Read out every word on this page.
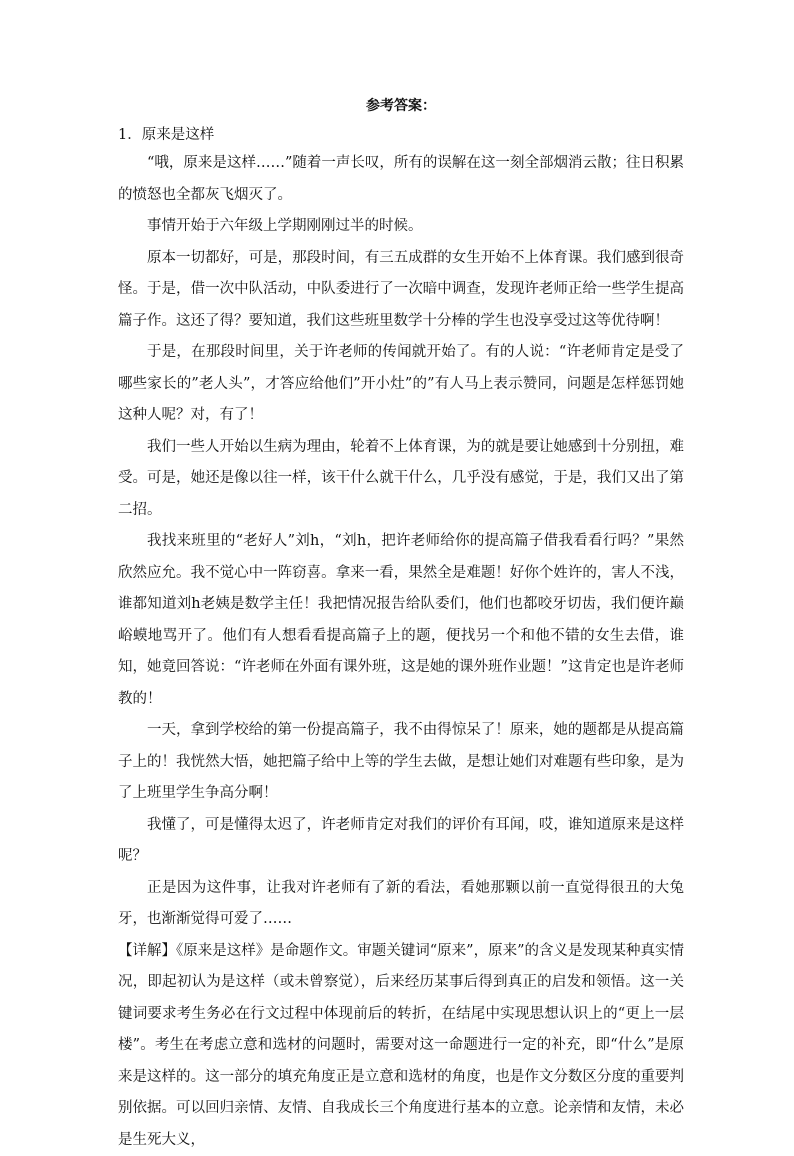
参考答案：

1．原来是这样

“哦，原来是这样……”随着一声长叹，所有的误解在这一刻全部烟消云散；往日积累的愤怒也全都灰飞烟灭了。

事情开始于六年级上学期刚刚过半的时候。

原本一切都好，可是，那段时间，有三五成群的女生开始不上体育课。我们感到很奇怪。于是，借一次中队活动，中队委进行了一次暗中调查，发现许老师正给一些学生提高篇子作。这还了得？要知道，我们这些班里数学十分棒的学生也没享受过这等优待啊！

于是，在那段时间里，关于许老师的传闻就开始了。有的人说：“许老师肯定是受了哪些家长的”老人头”，才答应给他们”开小灶”的”有人马上表示赞同，问题是怎样惩罚她这种人呢？对，有了！

我们一些人开始以生病为理由，轮着不上体育课，为的就是要让她感到十分别扭，难受。可是，她还是像以往一样，该干什么就干什么，几乎没有感觉，于是，我们又出了第二招。

我找来班里的“老好人”刘h，“刘h，把许老师给你的提高篇子借我看看行吗？”果然欣然应允。我不觉心中一阵窃喜。拿来一看，果然全是难题！好你个姓许的，害人不浅，谁都知道刘h老姨是数学主任！我把情况报告给队委们，他们也都咬牙切齿，我们便许巅峪蟆地骂开了。他们有人想看看提高篇子上的题，便找另一个和他不错的女生去借，谁知，她竟回答说：“许老师在外面有课外班，这是她的课外班作业题！”这肯定也是许老师教的！

一天，拿到学校给的第一份提高篇子，我不由得惊呆了！原来，她的题都是从提高篇子上的！我恍然大悟，她把篇子给中上等的学生去做，是想让她们对难题有些印象，是为了上班里学生争高分啊！

我懂了，可是懂得太迟了，许老师肯定对我们的评价有耳闻，哎，谁知道原来是这样呢？

正是因为这件事，让我对许老师有了新的看法，看她那颗以前一直觉得很丑的大兔牙，也渐渐觉得可爱了……

【详解】《原来是这样》是命题作文。审题关键词“原来”，原来”的含义是发现某种真实情况，即起初认为是这样（或未曾察觉），后来经历某事后得到真正的启发和领悟。这一关键词要求考生务必在行文过程中体现前后的转折，在结尾中实现思想认识上的“更上一层楼”。考生在考虑立意和选材的问题时，需要对这一命题进行一定的补充，即“什么”是原来是这样的。这一部分的填充角度正是立意和选材的角度，也是作文分数区分度的重要判别依据。可以回归亲情、友情、自我成长三个角度进行基本的立意。论亲情和友情，未必是生死大义，
